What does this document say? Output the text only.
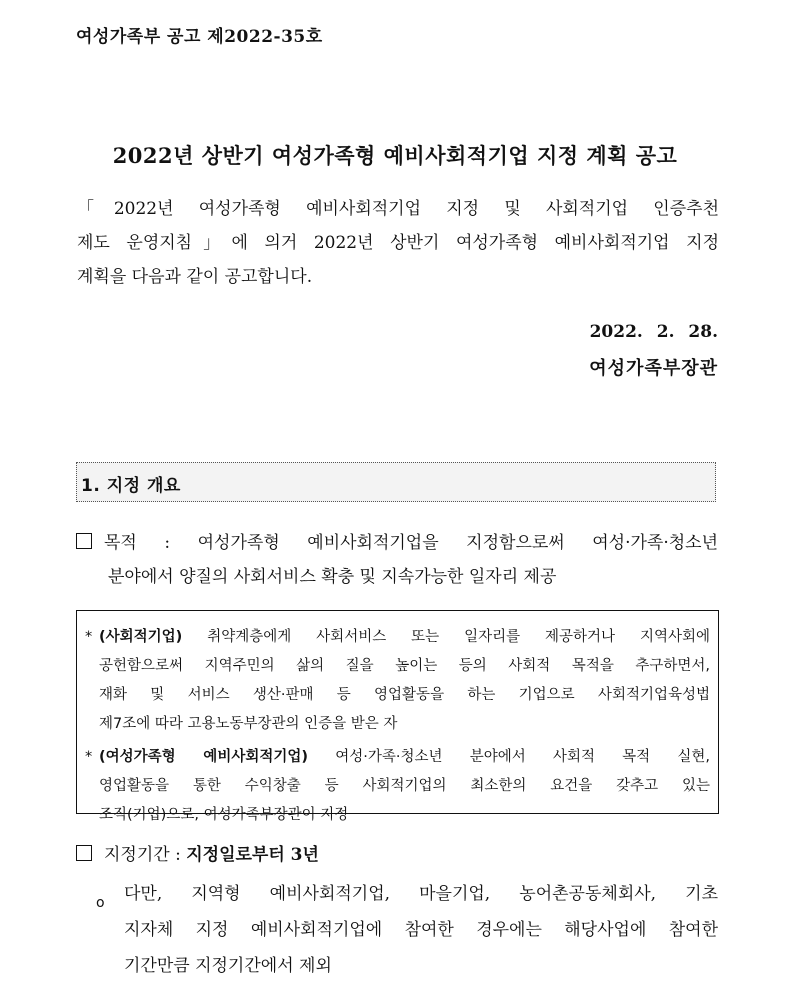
여성가족부 공고 제2022-35호
2022년 상반기 여성가족형 예비사회적기업 지정 계획 공고
「2022년 여성가족형 예비사회적기업 지정 및 사회적기업 인증추천
제도 운영지침」에 의거 2022년 상반기 여성가족형 예비사회적기업 지정
계획을 다음과 같이 공고합니다.
2022. 2. 28.
여성가족부장관
1. 지정 개요
목적 : 여성가족형 예비사회적기업을 지정함으로써 여성·가족·청소년
분야에서 양질의 사회서비스 확충 및 지속가능한 일자리 제공
* (사회적기업) 취약계층에게 사회서비스 또는 일자리를 제공하거나 지역사회에
공헌함으로써 지역주민의 삶의 질을 높이는 등의 사회적 목적을 추구하면서,
재화 및 서비스 생산·판매 등 영업활동을 하는 기업으로 사회적기업육성법
제7조에 따라 고용노동부장관의 인증을 받은 자
* (여성가족형 예비사회적기업) 여성·가족·청소년 분야에서 사회적 목적 실현,
영업활동을 통한 수익창출 등 사회적기업의 최소한의 요건을 갖추고 있는
조직(기업)으로, 여성가족부장관이 지정
지정기간 : 지정일로부터 3년
o 다만, 지역형 예비사회적기업, 마을기업, 농어촌공동체회사, 기초
지자체 지정 예비사회적기업에 참여한 경우에는 해당사업에 참여한
기간만큼 지정기간에서 제외
